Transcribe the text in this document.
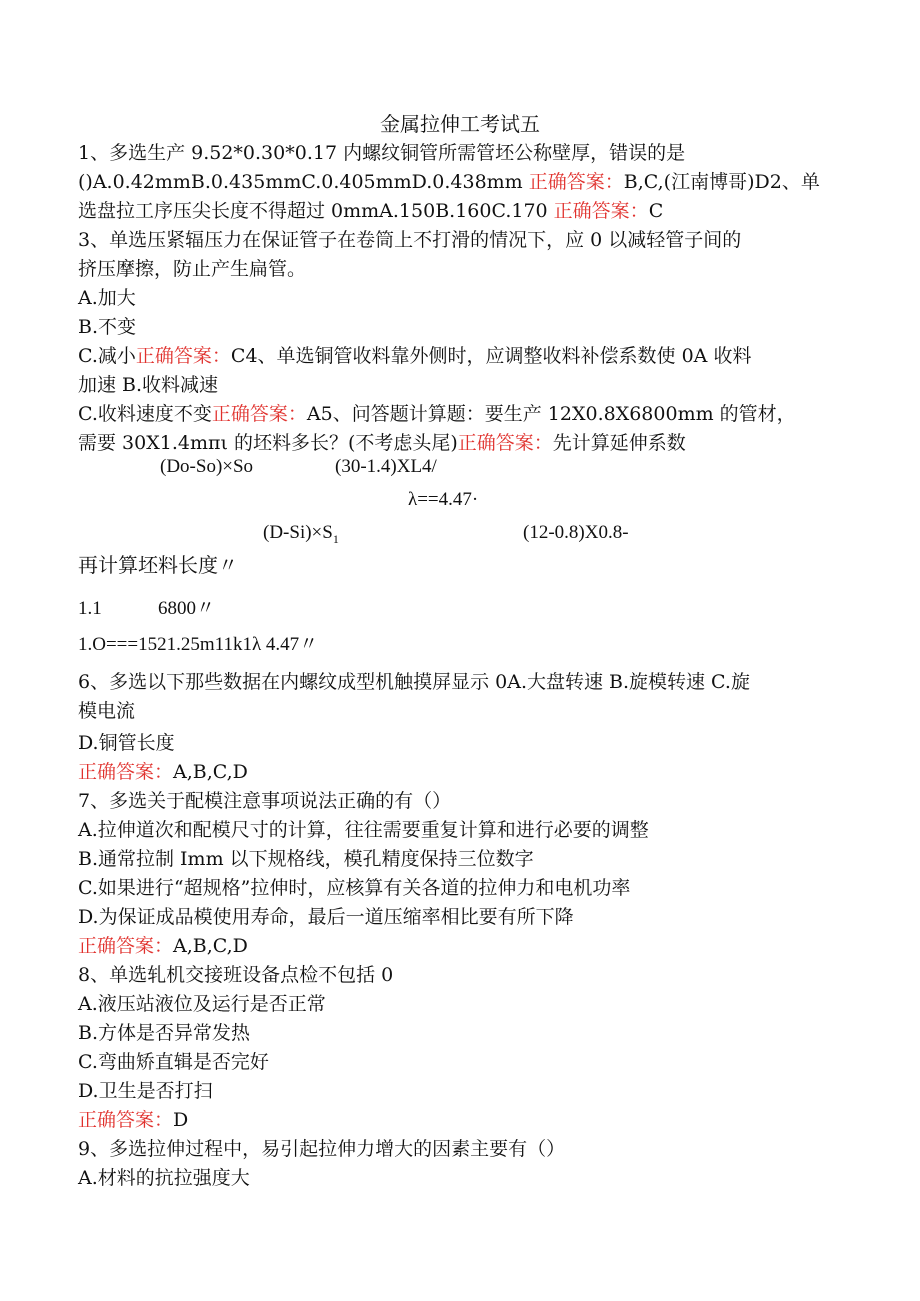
金属拉伸工考试五

1、多选生产 9.52*0.30*0.17 内螺纹铜管所需管坯公称壁厚，错误的是

()A.0.42mmB.0.435mmC.0.405mmD.0.438mm 正确答案：B,C,(江南博哥)D2、单

选盘拉工序压尖长度不得超过 0mmA.150B.160C.170 正确答案：C

3、单选压紧辐压力在保证管子在卷筒上不打滑的情况下，应 0 以减轻管子间的

挤压摩擦，防止产生扁管。

A.加大

B.不变

C.减小正确答案：C4、单选铜管收料靠外侧时，应调整收料补偿系数使 0A 收料

加速 B.收料减速

C.收料速度不变正确答案：A5、问答题计算题：要生产 12X0.8X6800mm 的管材，

需要 30X1.4mπι 的坯料多长？(不考虑头尾)正确答案：先计算延伸系数

(Do-So)×So	(30-1.4)XL4/
λ==4.47·
$(D-Si)\times S_1$	(12-0.8)X0.8-
再计算坯料长度〃
1.1	6800〃
1.O===1521.25m11k1λ 4.47〃

6、多选以下那些数据在内螺纹成型机触摸屏显示 0A.大盘转速 B.旋模转速 C.旋

模电流

D.铜管长度

正确答案：A,B,C,D

7、多选关于配模注意事项说法正确的有（）

A.拉伸道次和配模尺寸的计算，往往需要重复计算和进行必要的调整

B.通常拉制 Imm 以下规格线，模孔精度保持三位数字

C.如果进行“超规格”拉伸时，应核算有关各道的拉伸力和电机功率

D.为保证成品模使用寿命，最后一道压缩率相比要有所下降

正确答案：A,B,C,D

8、单选轧机交接班设备点检不包括 0

A.液压站液位及运行是否正常

B.方体是否异常发热

C.弯曲矫直辑是否完好

D.卫生是否打扫

正确答案：D

9、多选拉伸过程中，易引起拉伸力增大的因素主要有（）

A.材料的抗拉强度大
